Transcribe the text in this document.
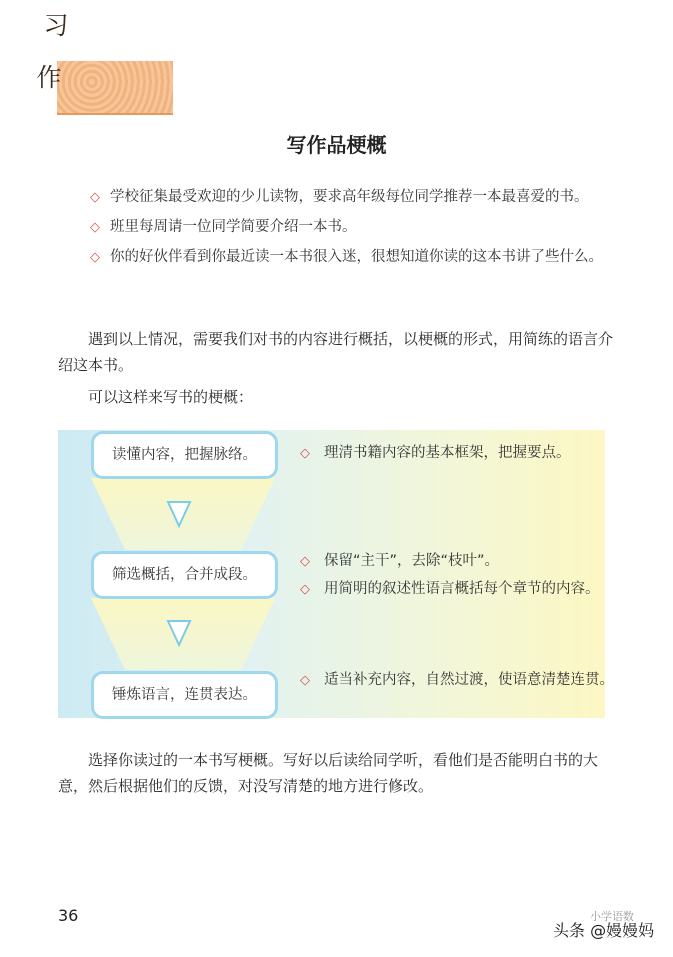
习 作
写作品梗概
◇ 学校征集最受欢迎的少儿读物，要求高年级每位同学推荐一本最喜爱的书。
◇ 班里每周请一位同学简要介绍一本书。
◇ 你的好伙伴看到你最近读一本书很入迷，很想知道你读的这本书讲了些什么。
遇到以上情况，需要我们对书的内容进行概括，以梗概的形式，用简练的语言介绍这本书。
可以这样来写书的梗概：
读懂内容，把握脉络。
筛选概括，合并成段。
锤炼语言，连贯表达。
◇ 理清书籍内容的基本框架，把握要点。
◇ 保留“主干”，去除“枝叶”。
◇ 用简明的叙述性语言概括每个章节的内容。
◇ 适当补充内容，自然过渡，使语意清楚连贯。
选择你读过的一本书写梗概。写好以后读给同学听，看他们是否能明白书的大意，然后根据他们的反馈，对没写清楚的地方进行修改。
36	小学语数
头条 @嫚嫚妈
